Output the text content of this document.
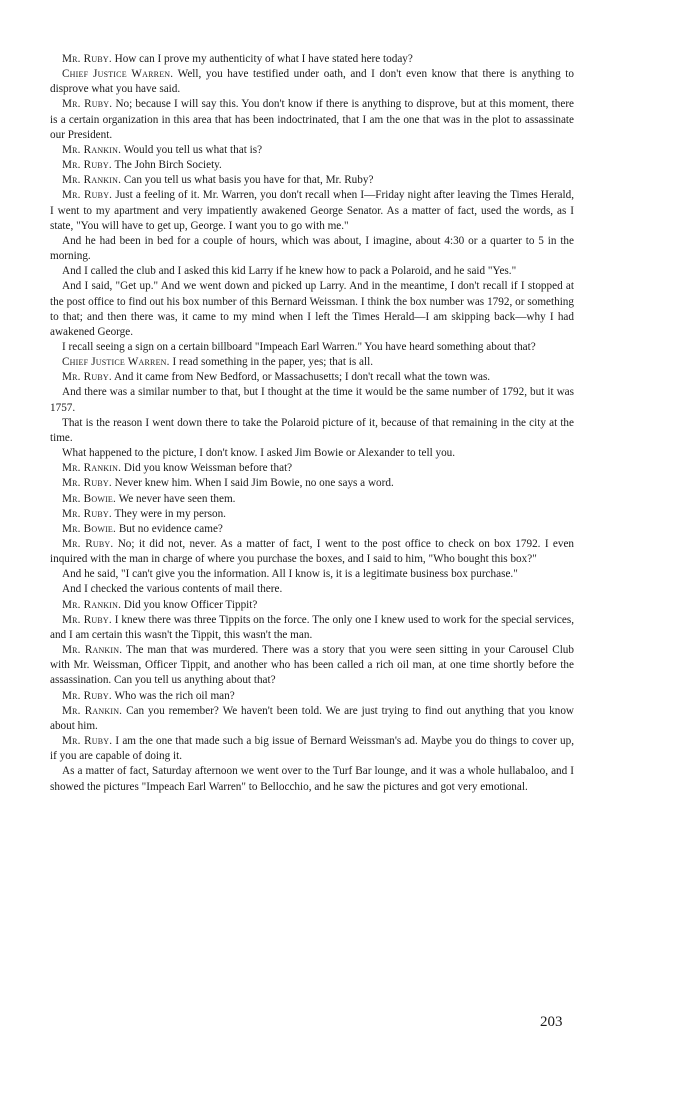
Mr. Ruby. How can I prove my authenticity of what I have stated here today?

Chief Justice Warren. Well, you have testified under oath, and I don't even know that there is anything to disprove what you have said.

Mr. Ruby. No; because I will say this. You don't know if there is anything to disprove, but at this moment, there is a certain organization in this area that has been indoctrinated, that I am the one that was in the plot to assassinate our President.

Mr. Rankin. Would you tell us what that is?

Mr. Ruby. The John Birch Society.

Mr. Rankin. Can you tell us what basis you have for that, Mr. Ruby?

Mr. Ruby. Just a feeling of it. Mr. Warren, you don't recall when I—Friday night after leaving the Times Herald, I went to my apartment and very impatiently awakened George Senator. As a matter of fact, used the words, as I state, "You will have to get up, George. I want you to go with me."

And he had been in bed for a couple of hours, which was about, I imagine, about 4:30 or a quarter to 5 in the morning.

And I called the club and I asked this kid Larry if he knew how to pack a Polaroid, and he said "Yes."

And I said, "Get up." And we went down and picked up Larry. And in the meantime, I don't recall if I stopped at the post office to find out his box number of this Bernard Weissman. I think the box number was 1792, or something to that; and then there was, it came to my mind when I left the Times Herald—I am skipping back—why I had awakened George.

I recall seeing a sign on a certain billboard "Impeach Earl Warren." You have heard something about that?

Chief Justice Warren. I read something in the paper, yes; that is all.

Mr. Ruby. And it came from New Bedford, or Massachusetts; I don't recall what the town was.

And there was a similar number to that, but I thought at the time it would be the same number of 1792, but it was 1757.

That is the reason I went down there to take the Polaroid picture of it, because of that remaining in the city at the time.

What happened to the picture, I don't know. I asked Jim Bowie or Alexander to tell you.

Mr. Rankin. Did you know Weissman before that?

Mr. Ruby. Never knew him. When I said Jim Bowie, no one says a word.

Mr. Bowie. We never have seen them.

Mr. Ruby. They were in my person.

Mr. Bowie. But no evidence came?

Mr. Ruby. No; it did not, never. As a matter of fact, I went to the post office to check on box 1792. I even inquired with the man in charge of where you purchase the boxes, and I said to him, "Who bought this box?"

And he said, "I can't give you the information. All I know is, it is a legitimate business box purchase."

And I checked the various contents of mail there.

Mr. Rankin. Did you know Officer Tippit?

Mr. Ruby. I knew there was three Tippits on the force. The only one I knew used to work for the special services, and I am certain this wasn't the Tippit, this wasn't the man.

Mr. Rankin. The man that was murdered. There was a story that you were seen sitting in your Carousel Club with Mr. Weissman, Officer Tippit, and another who has been called a rich oil man, at one time shortly before the assassination. Can you tell us anything about that?

Mr. Ruby. Who was the rich oil man?

Mr. Rankin. Can you remember? We haven't been told. We are just trying to find out anything that you know about him.

Mr. Ruby. I am the one that made such a big issue of Bernard Weissman's ad. Maybe you do things to cover up, if you are capable of doing it.

As a matter of fact, Saturday afternoon we went over to the Turf Bar lounge, and it was a whole hullabaloo, and I showed the pictures "Impeach Earl Warren" to Bellocchio, and he saw the pictures and got very emotional.

203
